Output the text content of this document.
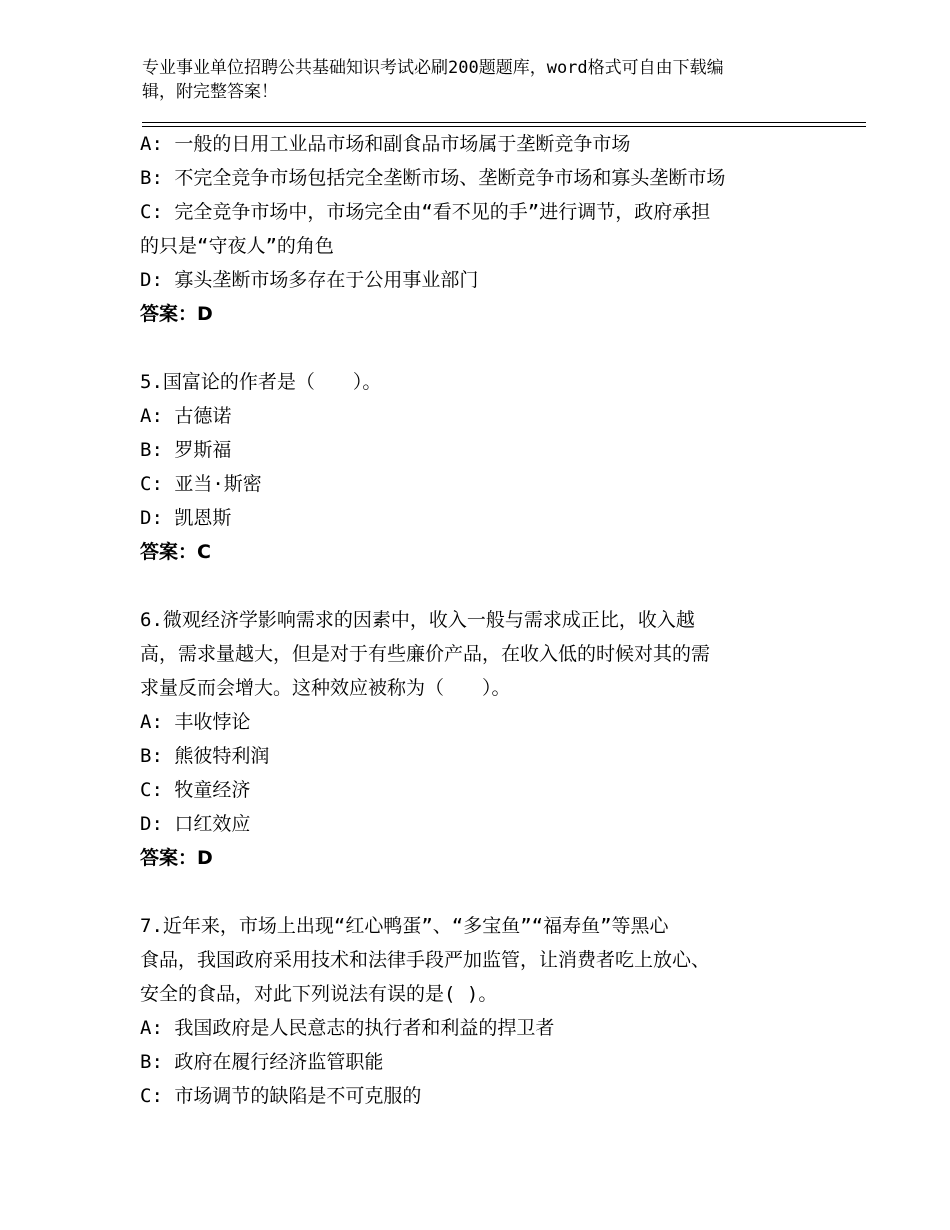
专业事业单位招聘公共基础知识考试必刷200题题库，word格式可自由下载编
辑，附完整答案！
A: 一般的日用工业品市场和副食品市场属于垄断竞争市场
B: 不完全竞争市场包括完全垄断市场、垄断竞争市场和寡头垄断市场
C: 完全竞争市场中，市场完全由“看不见的手”进行调节，政府承担
的只是“守夜人”的角色
D: 寡头垄断市场多存在于公用事业部门
答案：D
5.国富论的作者是（　　）。
A: 古德诺
B: 罗斯福
C: 亚当·斯密
D: 凯恩斯
答案：C
6.微观经济学影响需求的因素中，收入一般与需求成正比，收入越
高，需求量越大，但是对于有些廉价产品，在收入低的时候对其的需
求量反而会增大。这种效应被称为（　　）。
A: 丰收悖论
B: 熊彼特利润
C: 牧童经济
D: 口红效应
答案：D
7.近年来，市场上出现“红心鸭蛋”、“多宝鱼”“福寿鱼”等黑心
食品，我国政府采用技术和法律手段严加监管，让消费者吃上放心、
安全的食品，对此下列说法有误的是( )。
A: 我国政府是人民意志的执行者和利益的捍卫者
B: 政府在履行经济监管职能
C: 市场调节的缺陷是不可克服的
